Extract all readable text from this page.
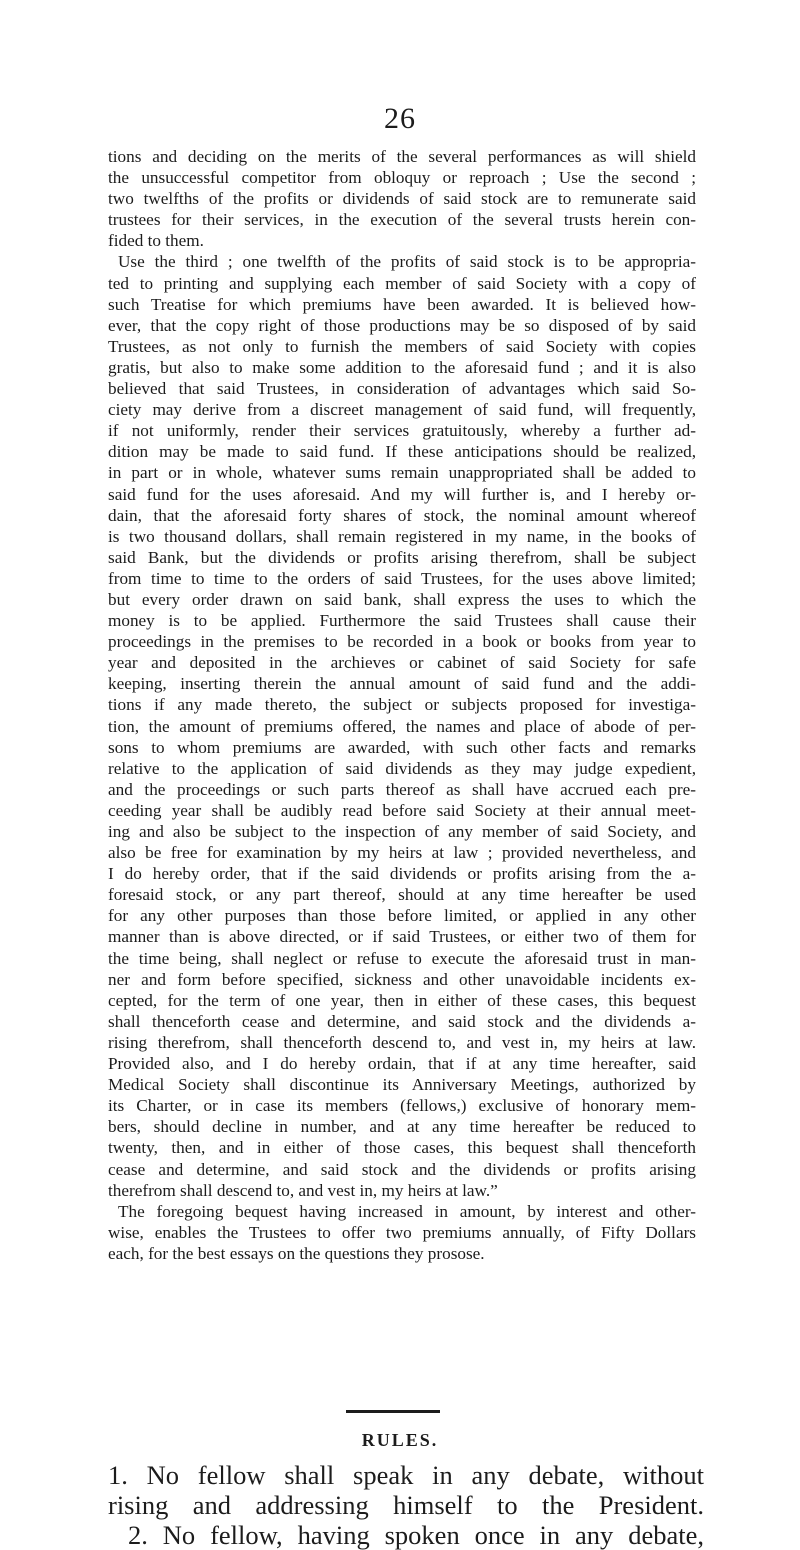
26
tions and deciding on the merits of the several performances as will shield
the unsuccessful competitor from obloquy or reproach ; Use the second ;
two twelfths of the profits or dividends of said stock are to remunerate said
trustees for their services, in the execution of the several trusts herein con-
fided to them.
Use the third ; one twelfth of the profits of said stock is to be appropria-
ted to printing and supplying each member of said Society with a copy of
such Treatise for which premiums have been awarded. It is believed how-
ever, that the copy right of those productions may be so disposed of by said
Trustees, as not only to furnish the members of said Society with copies
gratis, but also to make some addition to the aforesaid fund ; and it is also
believed that said Trustees, in consideration of advantages which said So-
ciety may derive from a discreet management of said fund, will frequently,
if not uniformly, render their services gratuitously, whereby a further ad-
dition may be made to said fund. If these anticipations should be realized,
in part or in whole, whatever sums remain unappropriated shall be added to
said fund for the uses aforesaid. And my will further is, and I hereby or-
dain, that the aforesaid forty shares of stock, the nominal amount whereof
is two thousand dollars, shall remain registered in my name, in the books of
said Bank, but the dividends or profits arising therefrom, shall be subject
from time to time to the orders of said Trustees, for the uses above limited;
but every order drawn on said bank, shall express the uses to which the
money is to be applied. Furthermore the said Trustees shall cause their
proceedings in the premises to be recorded in a book or books from year to
year and deposited in the archieves or cabinet of said Society for safe
keeping, inserting therein the annual amount of said fund and the addi-
tions if any made thereto, the subject or subjects proposed for investiga-
tion, the amount of premiums offered, the names and place of abode of per-
sons to whom premiums are awarded, with such other facts and remarks
relative to the application of said dividends as they may judge expedient,
and the proceedings or such parts thereof as shall have accrued each pre-
ceeding year shall be audibly read before said Society at their annual meet-
ing and also be subject to the inspection of any member of said Society, and
also be free for examination by my heirs at law ; provided nevertheless, and
I do hereby order, that if the said dividends or profits arising from the a-
foresaid stock, or any part thereof, should at any time hereafter be used
for any other purposes than those before limited, or applied in any other
manner than is above directed, or if said Trustees, or either two of them for
the time being, shall neglect or refuse to execute the aforesaid trust in man-
ner and form before specified, sickness and other unavoidable incidents ex-
cepted, for the term of one year, then in either of these cases, this bequest
shall thenceforth cease and determine, and said stock and the dividends a-
rising therefrom, shall thenceforth descend to, and vest in, my heirs at law.
Provided also, and I do hereby ordain, that if at any time hereafter, said
Medical Society shall discontinue its Anniversary Meetings, authorized by
its Charter, or in case its members (fellows,) exclusive of honorary mem-
bers, should decline in number, and at any time hereafter be reduced to
twenty, then, and in either of those cases, this bequest shall thenceforth
cease and determine, and said stock and the dividends or profits arising
therefrom shall descend to, and vest in, my heirs at law.”
The foregoing bequest having increased in amount, by interest and other-
wise, enables the Trustees to offer two premiums annually, of Fifty Dollars
each, for the best essays on the questions they prosose.
RULES.
1. No fellow shall speak in any debate, without
rising and addressing himself to the President.
2. No fellow, having spoken once in any debate,
